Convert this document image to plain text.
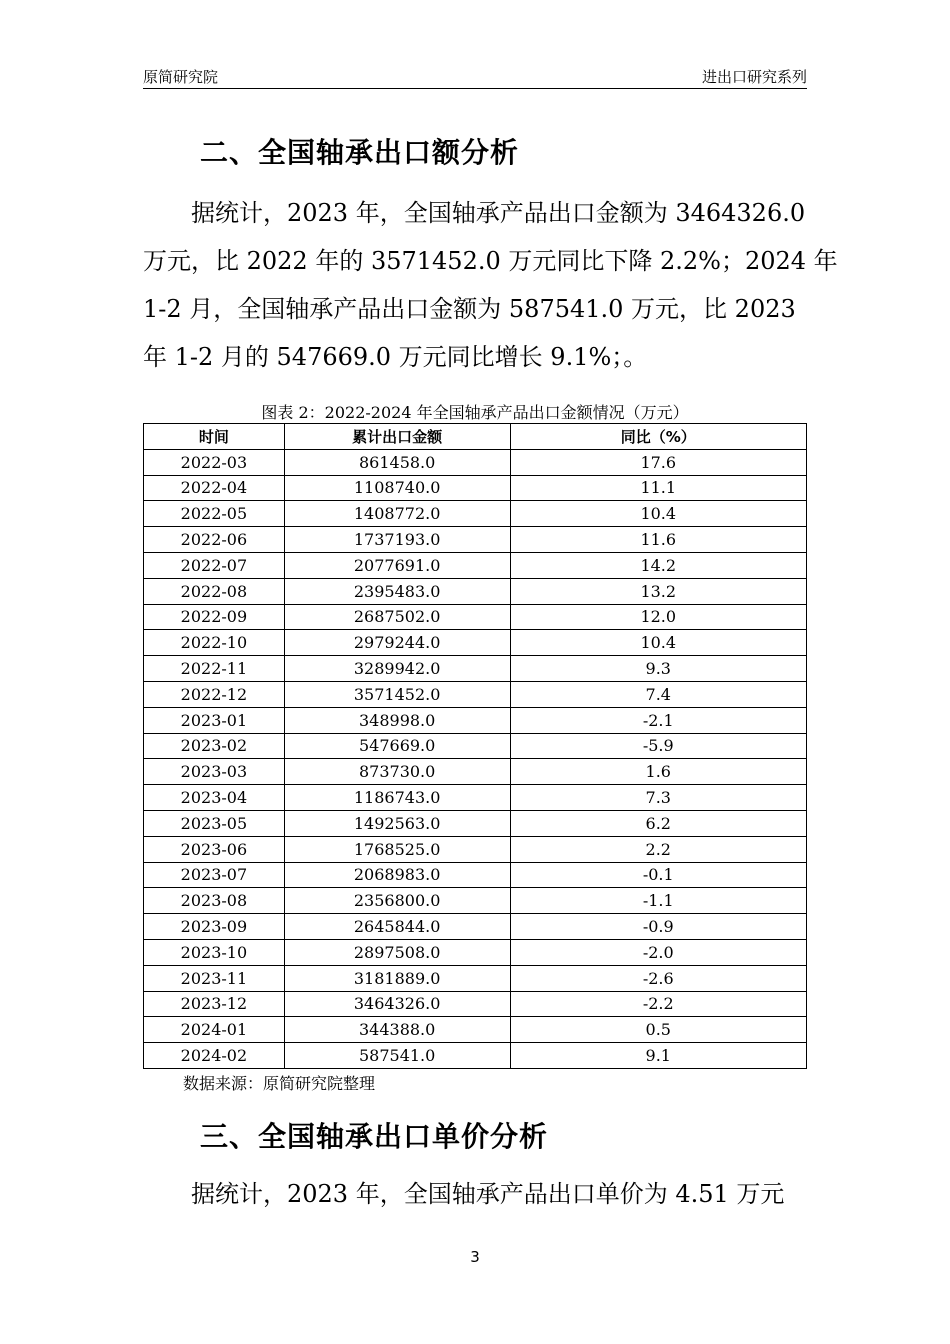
原简研究院	进出口研究系列
二、全国轴承出口额分析
　　据统计，2023 年，全国轴承产品出口金额为 3464326.0
万元，比 2022 年的 3571452.0 万元同比下降 2.2%；2024 年
1-2 月，全国轴承产品出口金额为 587541.0 万元，比 2023
年 1-2 月的 547669.0 万元同比增长 9.1%；。
图表 2：2022-2024 年全国轴承产品出口金额情况（万元）
时间	累计出口金额	同比（%）
2022-03	861458.0	17.6
2022-04	1108740.0	11.1
2022-05	1408772.0	10.4
2022-06	1737193.0	11.6
2022-07	2077691.0	14.2
2022-08	2395483.0	13.2
2022-09	2687502.0	12.0
2022-10	2979244.0	10.4
2022-11	3289942.0	9.3
2022-12	3571452.0	7.4
2023-01	348998.0	-2.1
2023-02	547669.0	-5.9
2023-03	873730.0	1.6
2023-04	1186743.0	7.3
2023-05	1492563.0	6.2
2023-06	1768525.0	2.2
2023-07	2068983.0	-0.1
2023-08	2356800.0	-1.1
2023-09	2645844.0	-0.9
2023-10	2897508.0	-2.0
2023-11	3181889.0	-2.6
2023-12	3464326.0	-2.2
2024-01	344388.0	0.5
2024-02	587541.0	9.1
数据来源：原简研究院整理
三、全国轴承出口单价分析
　　据统计，2023 年，全国轴承产品出口单价为 4.51 万元
3
